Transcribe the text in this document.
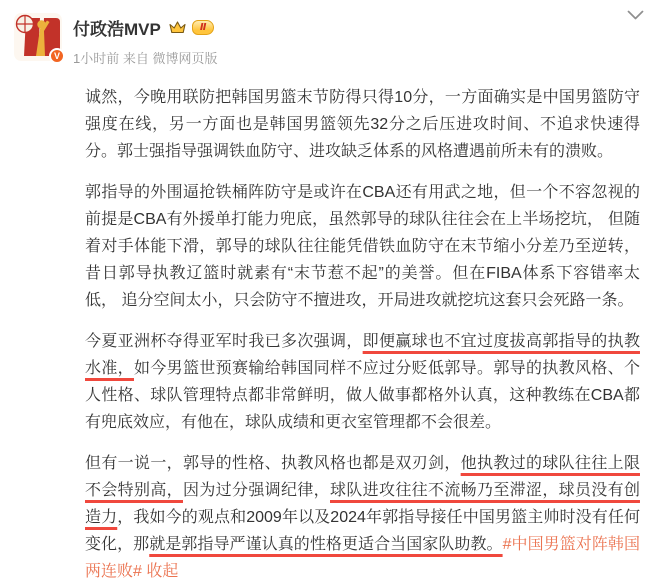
V
付政浩MVP	Ⅱ
1小时前 来自 微博网页版

诚然，今晚用联防把韩国男篮末节防得只得10分，一方面确实是中国男篮防守强度在线，另一方面也是韩国男篮领先32分之后压进攻时间、不追求快速得分。郭士强指导强调铁血防守、进攻缺乏体系的风格遭遇前所未有的溃败。

郭指导的外围逼抢铁桶阵防守是或许在CBA还有用武之地，但一个不容忽视的前提是CBA有外援单打能力兜底，虽然郭导的球队往往会在上半场挖坑， 但随着对手体能下滑，郭导的球队往往能凭借铁血防守在末节缩小分差乃至逆转，昔日郭导执教辽篮时就素有“末节惹不起”的美誉。但在FIBA体系下容错率太低， 追分空间太小，只会防守不擅进攻，开局进攻就挖坑这套只会死路一条。

今夏亚洲杯夺得亚军时我已多次强调，即便赢球也不宜过度拔高郭指导的执教水准，如今男篮世预赛输给韩国同样不应过分贬低郭导。郭导的执教风格、个人性格、球队管理特点都非常鲜明，做人做事都格外认真，这种教练在CBA都有兜底效应，有他在，球队成绩和更衣室管理都不会很差。

但有一说一，郭导的性格、执教风格也都是双刃剑，他执教过的球队往往上限不会特别高，因为过分强调纪律，球队进攻往往不流畅乃至滞涩，球员没有创造力，我如今的观点和2009年以及2024年郭指导接任中国男篮主帅时没有任何变化，那就是郭指导严谨认真的性格更适合当国家队助教。#中国男篮对阵韩国两连败# 收起
